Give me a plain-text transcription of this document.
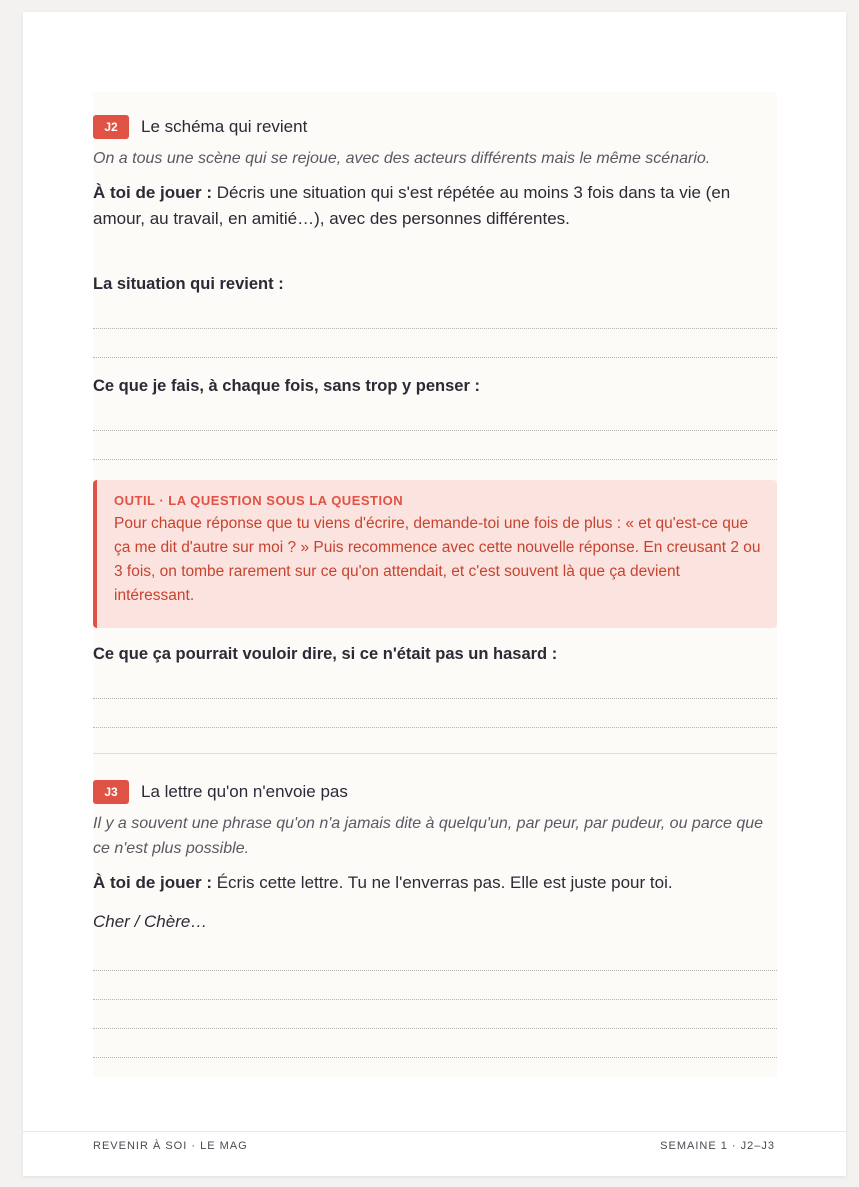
J2	Le schéma qui revient
On a tous une scène qui se rejoue, avec des acteurs différents mais le même scénario.
À toi de jouer : Décris une situation qui s'est répétée au moins 3 fois dans ta vie (en amour, au travail, en amitié…), avec des personnes différentes.
La situation qui revient :
Ce que je fais, à chaque fois, sans trop y penser :
OUTIL · LA QUESTION SOUS LA QUESTION
Pour chaque réponse que tu viens d'écrire, demande-toi une fois de plus : « et qu'est-ce que ça me dit d'autre sur moi ? » Puis recommence avec cette nouvelle réponse. En creusant 2 ou 3 fois, on tombe rarement sur ce qu'on attendait, et c'est souvent là que ça devient intéressant.
Ce que ça pourrait vouloir dire, si ce n'était pas un hasard :
J3	La lettre qu'on n'envoie pas
Il y a souvent une phrase qu'on n'a jamais dite à quelqu'un, par peur, par pudeur, ou parce que ce n'est plus possible.
À toi de jouer : Écris cette lettre. Tu ne l'enverras pas. Elle est juste pour toi.
Cher / Chère…
REVENIR À SOI · LE MAG	SEMAINE 1 · J2–J3
